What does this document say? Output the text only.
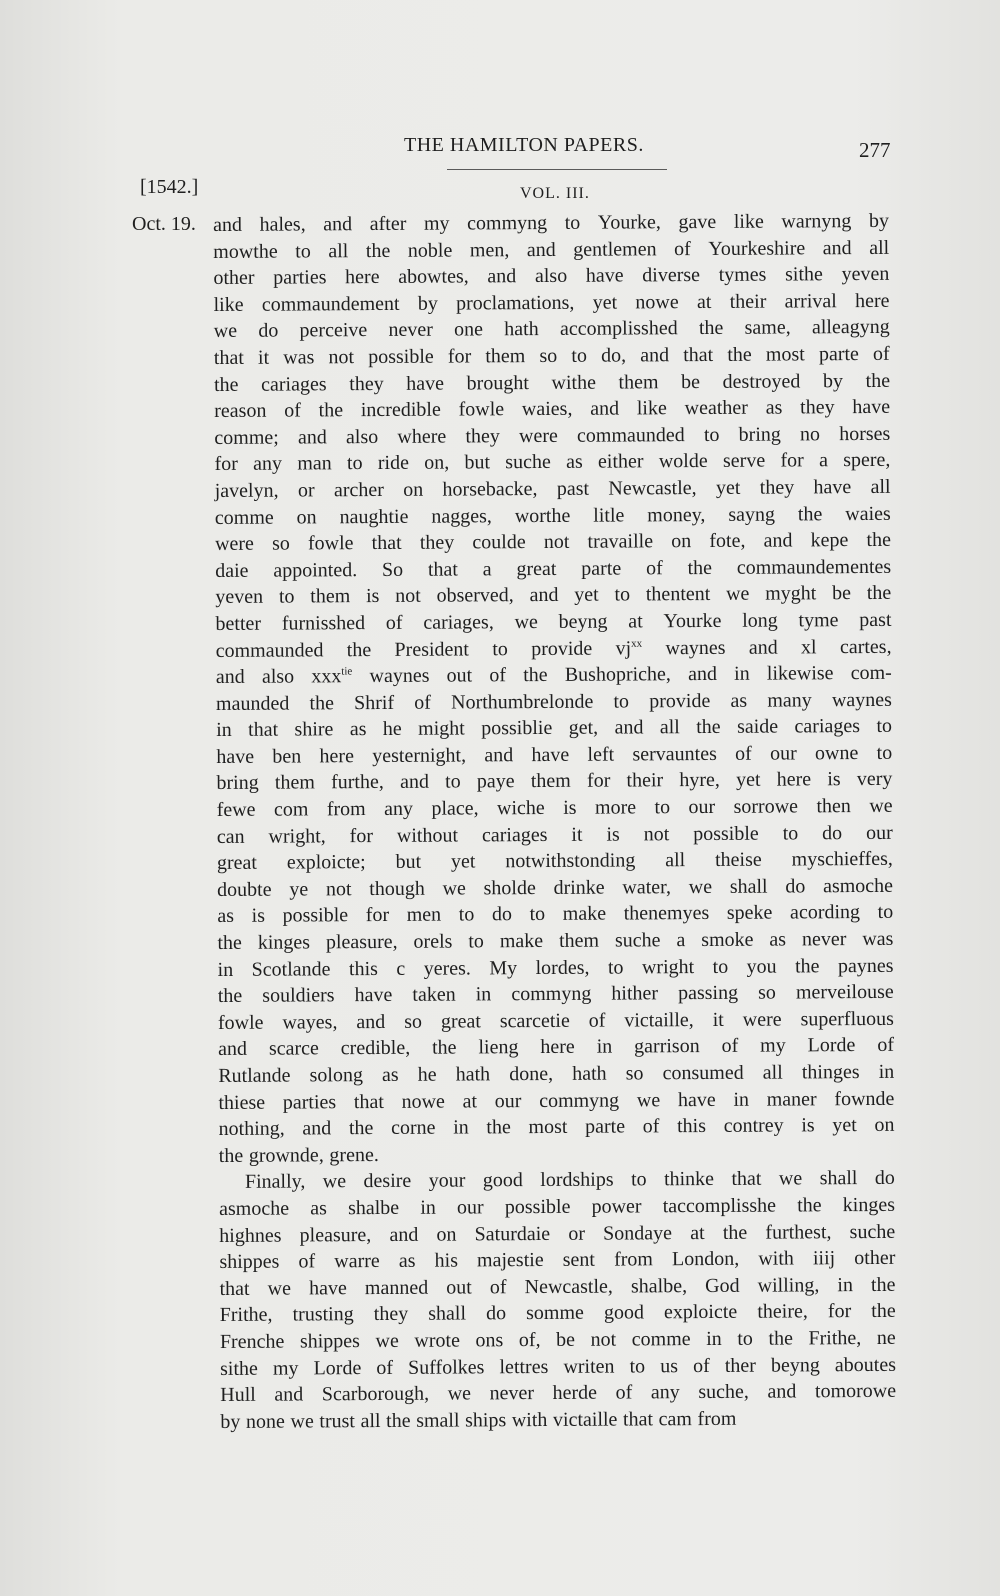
THE HAMILTON PAPERS.	277
[1542.]	VOL. III.
Oct. 19. and hales, and after my commyng to Yourke, gave like warnyng by
mowthe to all the noble men, and gentlemen of Yourkeshire and all
other parties here abowtes, and also have diverse tymes sithe yeven
like commaundement by proclamations, yet nowe at their arrival here
we do perceive never one hath accomplisshed the same, alleagyng
that it was not possible for them so to do, and that the most parte of
the cariages they have brought withe them be destroyed by the
reason of the incredible fowle waies, and like weather as they have
comme; and also where they were commaunded to bring no horses
for any man to ride on, but suche as either wolde serve for a spere,
javelyn, or archer on horsebacke, past Newcastle, yet they have all
comme on naughtie nagges, worthe litle money, sayng the waies
were so fowle that they coulde not travaille on fote, and kepe the
daie appointed. So that a great parte of the commaundementes
yeven to them is not observed, and yet to thentent we myght be the
better furnisshed of cariages, we beyng at Yourke long tyme past
commaunded the President to provide $vj^{xx}$ waynes and xl cartes,
and also xxx$^{tie}$ waynes out of the Bushopriche, and in likewise com-
maunded the Shrif of Northumbrelonde to provide as many waynes
in that shire as he might possiblie get, and all the saide cariages to
have ben here yesternight, and have left servauntes of our owne to
bring them furthe, and to paye them for their hyre, yet here is very
fewe com from any place, wiche is more to our sorrowe then we
can wright, for without cariages it is not possible to do our
great exploicte; but yet notwithstonding all theise myschieffes,
doubte ye not though we sholde drinke water, we shall do asmoche
as is possible for men to do to make thenemyes speke acording to
the kinges pleasure, orels to make them suche a smoke as never was
in Scotlande this c yeres. My lordes, to wright to you the paynes
the souldiers have taken in commyng hither passing so merveilouse
fowle wayes, and so great scarcetie of victaille, it were superfluous
and scarce credible, the lieng here in garrison of my Lorde of
Rutlande solong as he hath done, hath so consumed all thinges in
thiese parties that nowe at our commyng we have in maner fownde
nothing, and the corne in the most parte of this contrey is yet on
the grownde, grene.
Finally, we desire your good lordships to thinke that we shall do
asmoche as shalbe in our possible power taccomplisshe the kinges
highnes pleasure, and on Saturdaie or Sondaye at the furthest, suche
shippes of warre as his majestie sent from London, with iiij other
that we have manned out of Newcastle, shalbe, God willing, in the
Frithe, trusting they shall do somme good exploicte theire, for the
Frenche shippes we wrote ons of, be not comme in to the Frithe, ne
sithe my Lorde of Suffolkes lettres writen to us of ther beyng aboutes
Hull and Scarborough, we never herde of any suche, and tomorowe
by none we trust all the small ships with victaille that cam from
